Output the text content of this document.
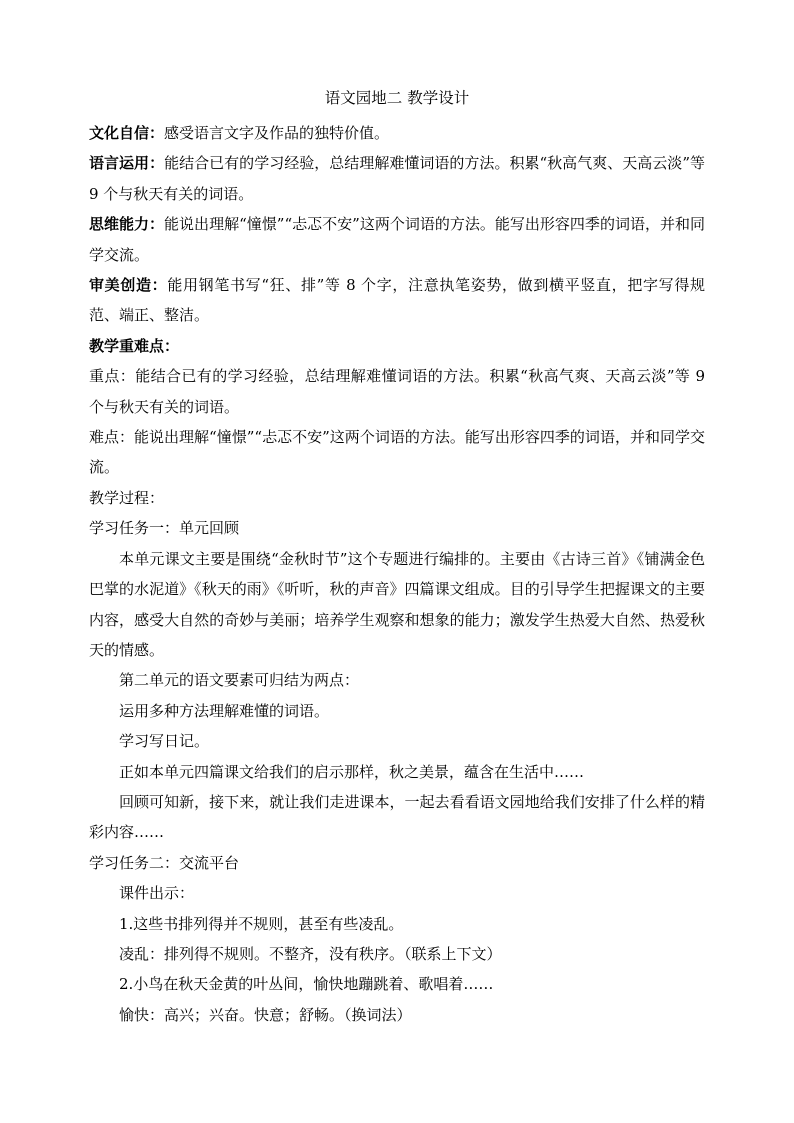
语文园地二 教学设计

文化自信：感受语言文字及作品的独特价值。

语言运用：能结合已有的学习经验，总结理解难懂词语的方法。积累“秋高气爽、天高云淡”等 9 个与秋天有关的词语。

思维能力：能说出理解“憧憬”“忐忑不安”这两个词语的方法。能写出形容四季的词语，并和同学交流。

审美创造：能用钢笔书写“狂、排”等 8 个字，注意执笔姿势，做到横平竖直，把字写得规范、端正、整洁。

教学重难点：

重点：能结合已有的学习经验，总结理解难懂词语的方法。积累“秋高气爽、天高云淡”等 9 个与秋天有关的词语。

难点：能说出理解“憧憬”“忐忑不安”这两个词语的方法。能写出形容四季的词语，并和同学交流。

教学过程：

学习任务一：单元回顾

本单元课文主要是围绕“金秋时节”这个专题进行编排的。主要由《古诗三首》《铺满金色巴掌的水泥道》《秋天的雨》《听听，秋的声音》四篇课文组成。目的引导学生把握课文的主要内容，感受大自然的奇妙与美丽；培养学生观察和想象的能力；激发学生热爱大自然、热爱秋天的情感。

第二单元的语文要素可归结为两点：

运用多种方法理解难懂的词语。

学习写日记。

正如本单元四篇课文给我们的启示那样，秋之美景，蕴含在生活中……

回顾可知新，接下来，就让我们走进课本，一起去看看语文园地给我们安排了什么样的精彩内容……

学习任务二：交流平台

课件出示：

1.这些书排列得并不规则，甚至有些凌乱。

凌乱：排列得不规则。不整齐，没有秩序。（联系上下文）

2.小鸟在秋天金黄的叶丛间，愉快地蹦跳着、歌唱着……

愉快：高兴；兴奋。快意；舒畅。（换词法）
